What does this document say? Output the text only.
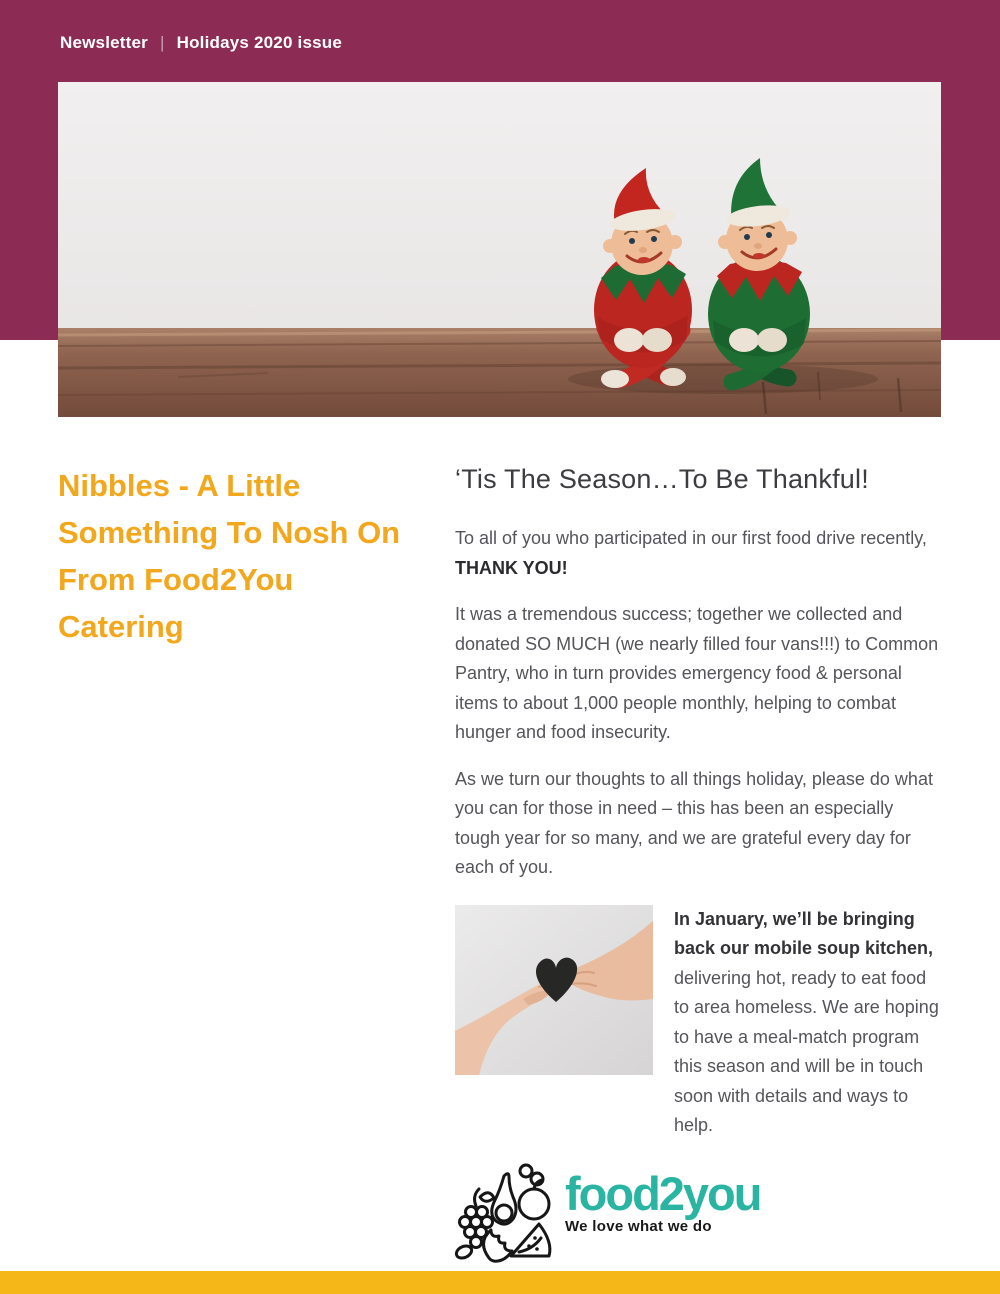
Newsletter | Holidays 2020 issue
Nibbles - A Little Something To Nosh On From Food2You Catering
‘Tis The Season…To Be Thankful!

To all of you who participated in our first food drive recently, THANK YOU!

It was a tremendous success; together we collected and donated SO MUCH (we nearly filled four vans!!!) to Common Pantry, who in turn provides emergency food & personal items to about 1,000 people monthly, helping to combat hunger and food insecurity.

As we turn our thoughts to all things holiday, please do what you can for those in need – this has been an especially tough year for so many, and we are grateful every day for each of you.

In January, we’ll be bringing back our mobile soup kitchen, delivering hot, ready to eat food to area homeless. We are hoping to have a meal-match program this season and will be in touch soon with details and ways to help.

food2you
We love what we do
